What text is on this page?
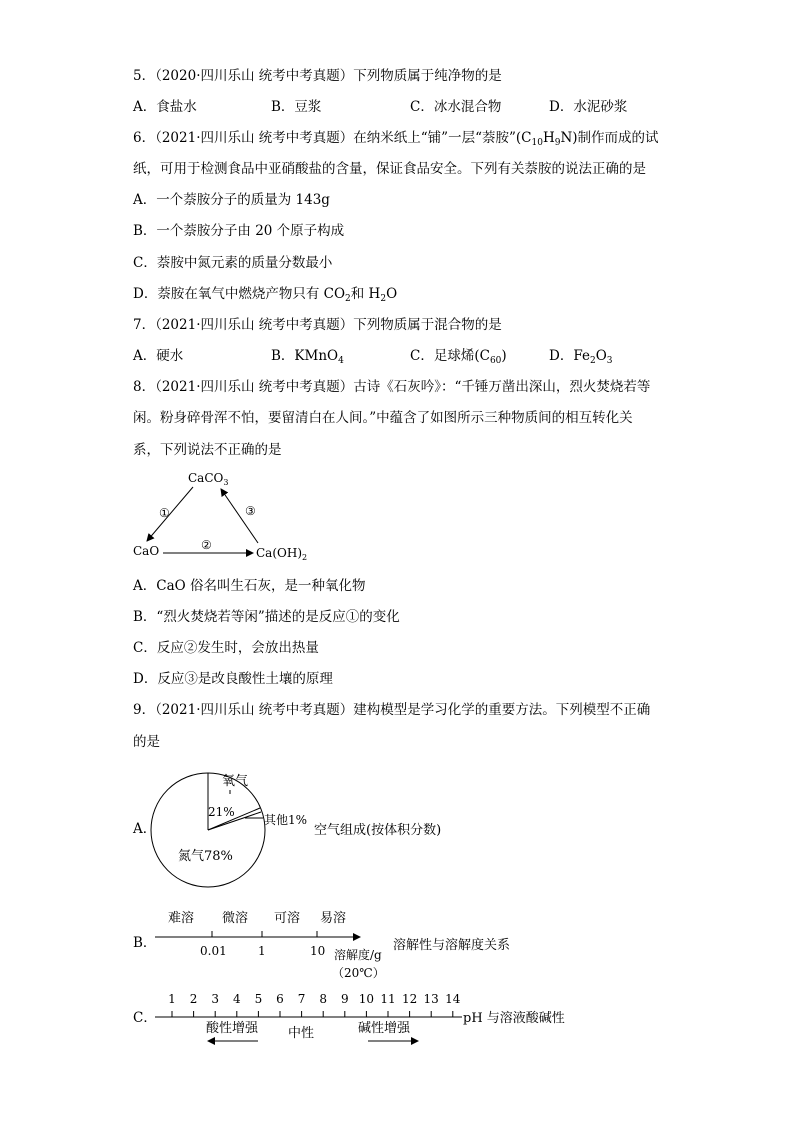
5．（2020·四川乐山 统考中考真题）下列物质属于纯净物的是
A．食盐水	B．豆浆	C．冰水混合物	D．水泥砂浆
6．（2021·四川乐山 统考中考真题）在纳米纸上“铺”一层“萘胺$”(C_{10}H_9N)$制作而成的试
纸，可用于检测食品中亚硝酸盐的含量，保证食品安全。下列有关萘胺的说法正确的是
A．一个萘胺分子的质量为 143g
B．一个萘胺分子由 20 个原子构成
C．萘胺中氮元素的质量分数最小
D．萘胺在氧气中燃烧产物只有 $CO_2$和 $H_2O$
7．（2021·四川乐山 统考中考真题）下列物质属于混合物的是
A．硬水	B．KMnO$_4$	C．足球烯$(C_{60})$	D．$Fe_2O_3$
8．（2021·四川乐山 统考中考真题）古诗《石灰吟》：“千锤万凿出深山，烈火焚烧若等
闲。粉身碎骨浑不怕，要留清白在人间。”中蕴含了如图所示三种物质间的相互转化关
系，下列说法不正确的是
CaCO$_3$
CaO	$Ca(OH)_2$
①
②
③
A．CaO 俗名叫生石灰，是一种氧化物
B．“烈火焚烧若等闲”描述的是反应①的变化
C．反应②发生时，会放出热量
D．反应③是改良酸性土壤的原理
9．（2021·四川乐山 统考中考真题）建构模型是学习化学的重要方法。下列模型不正确
的是
A．
氧气
21%
其他1%
氮气78%
空气组成(按体积分数)
B．
难溶 微溶 可溶 易溶
0.01	1	10 溶解度/g
（20℃）
溶解性与溶解度关系
C．
1 2 3 4 5 6 7 8 9 10 11 12 13 14
酸性增强 中性	碱性增强
pH 与溶液酸碱性
